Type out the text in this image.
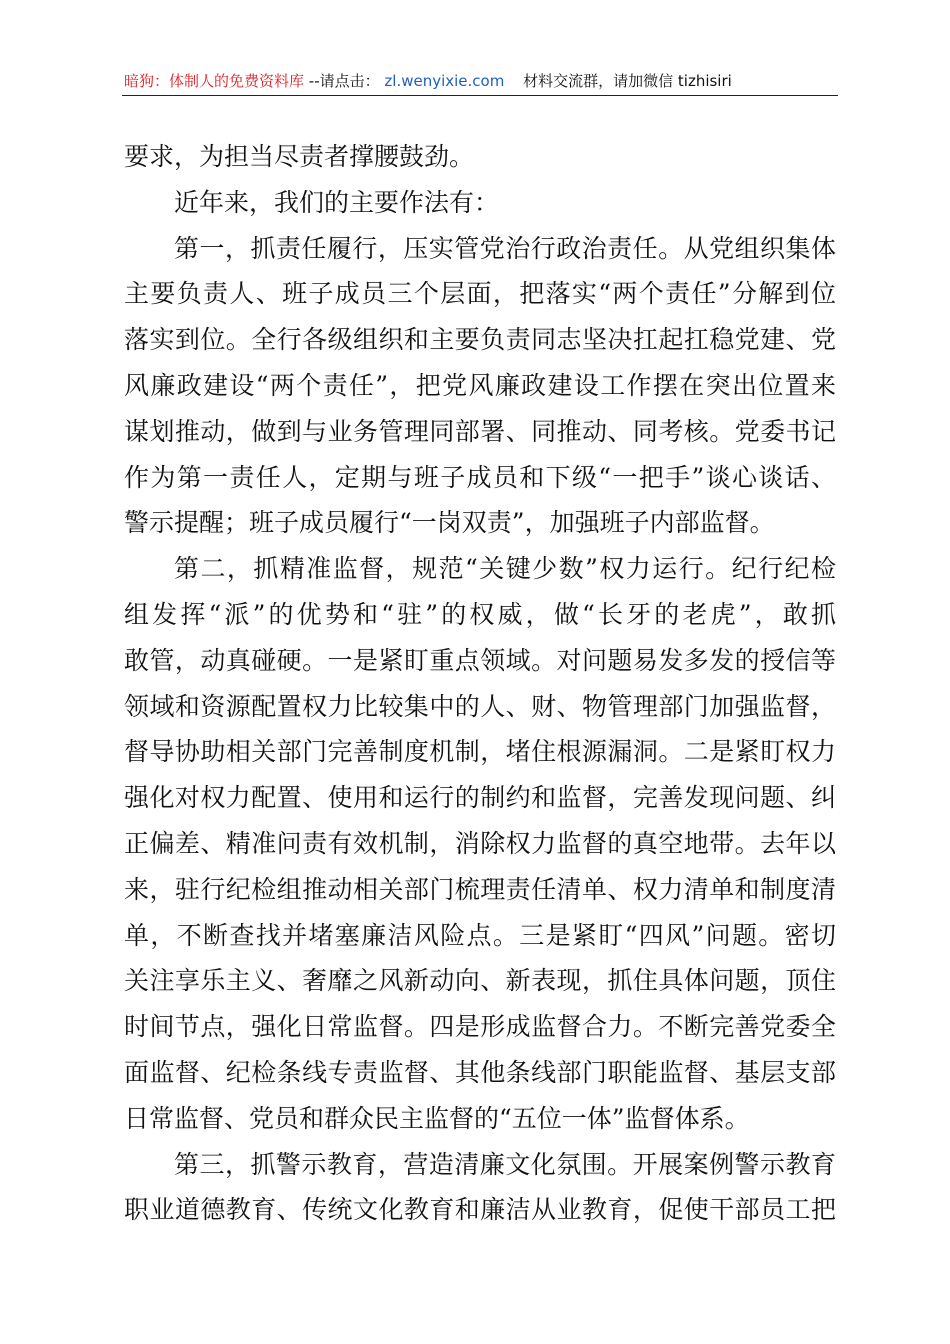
暗狗：体制人的免费资料库 --请点击： zl.wenyixie.com 材料交流群，请加微信 tizhisiri
要求，为担当尽责者撑腰鼓劲。
近年来，我们的主要作法有：
第一，抓责任履行，压实管党治行政治责任。从党组织集体
主要负责人、班子成员三个层面，把落实“两个责任”分解到位
落实到位。全行各级组织和主要负责同志坚决扛起扛稳党建、党
风廉政建设“两个责任”，把党风廉政建设工作摆在突出位置来
谋划推动，做到与业务管理同部署、同推动、同考核。党委书记
作为第一责任人，定期与班子成员和下级“一把手”谈心谈话、
警示提醒；班子成员履行“一岗双责”，加强班子内部监督。
第二，抓精准监督，规范“关键少数”权力运行。纪行纪检
组发挥“派”的优势和“驻”的权威，做“长牙的老虎”，敢抓
敢管，动真碰硬。一是紧盯重点领域。对问题易发多发的授信等
领域和资源配置权力比较集中的人、财、物管理部门加强监督，
督导协助相关部门完善制度机制，堵住根源漏洞。二是紧盯权力
强化对权力配置、使用和运行的制约和监督，完善发现问题、纠
正偏差、精准问责有效机制，消除权力监督的真空地带。去年以
来，驻行纪检组推动相关部门梳理责任清单、权力清单和制度清
单，不断查找并堵塞廉洁风险点。三是紧盯“四风”问题。密切
关注享乐主义、奢靡之风新动向、新表现，抓住具体问题，顶住
时间节点，强化日常监督。四是形成监督合力。不断完善党委全
面监督、纪检条线专责监督、其他条线部门职能监督、基层支部
日常监督、党员和群众民主监督的“五位一体”监督体系。
第三，抓警示教育，营造清廉文化氛围。开展案例警示教育
职业道德教育、传统文化教育和廉洁从业教育，促使干部员工把
